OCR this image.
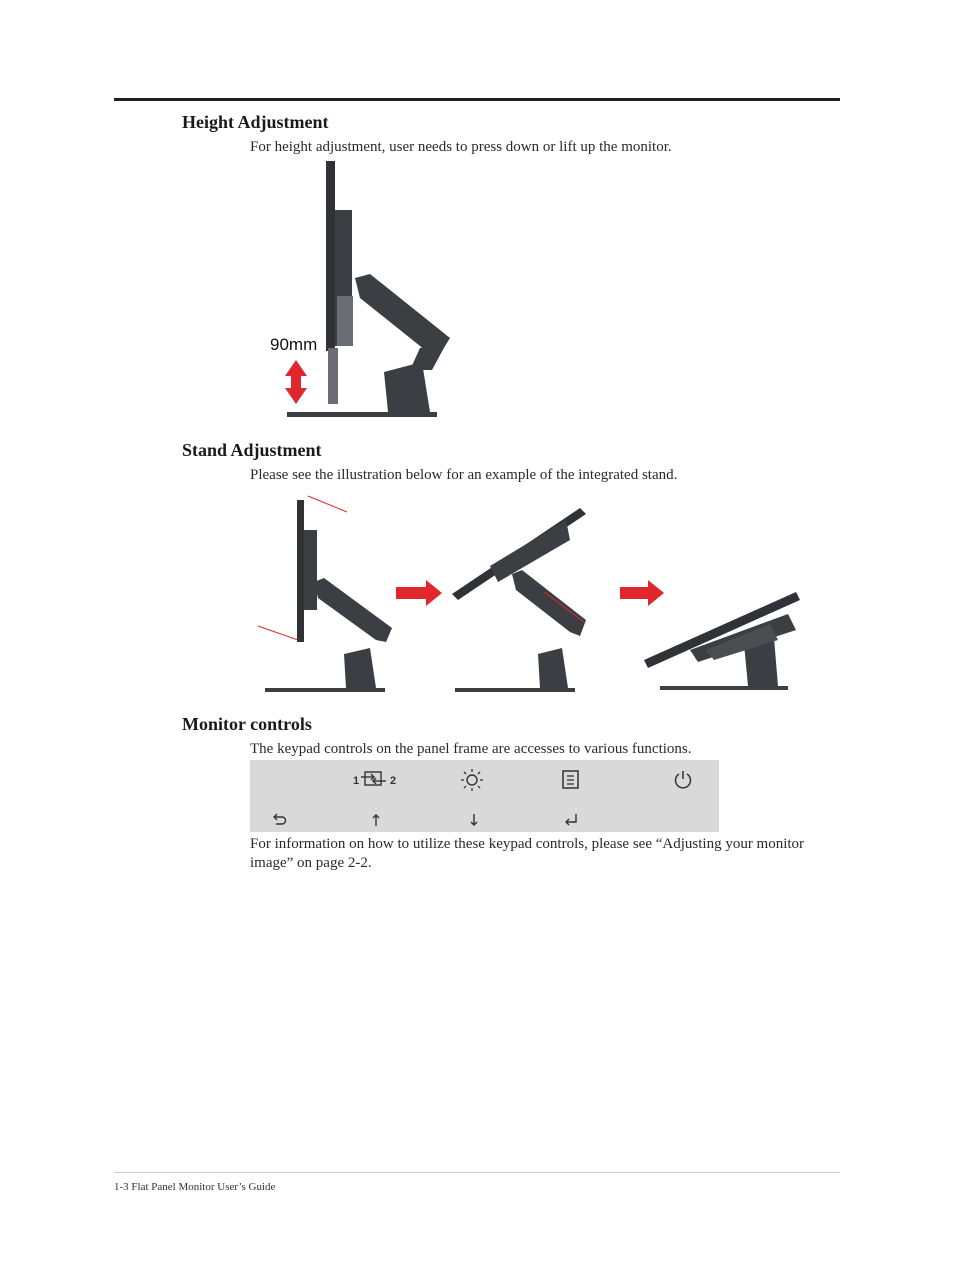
Height Adjustment

For height adjustment, user needs to press down or lift up the monitor.

90mm
Stand Adjustment

Please see the illustration below for an example of the integrated stand.

Monitor controls

The keypad controls on the panel frame are accesses to various functions.

1	2

For information on how to utilize these keypad controls, please see “Adjusting your monitor image” on page 2-2.

1-3 Flat Panel Monitor User’s Guide
